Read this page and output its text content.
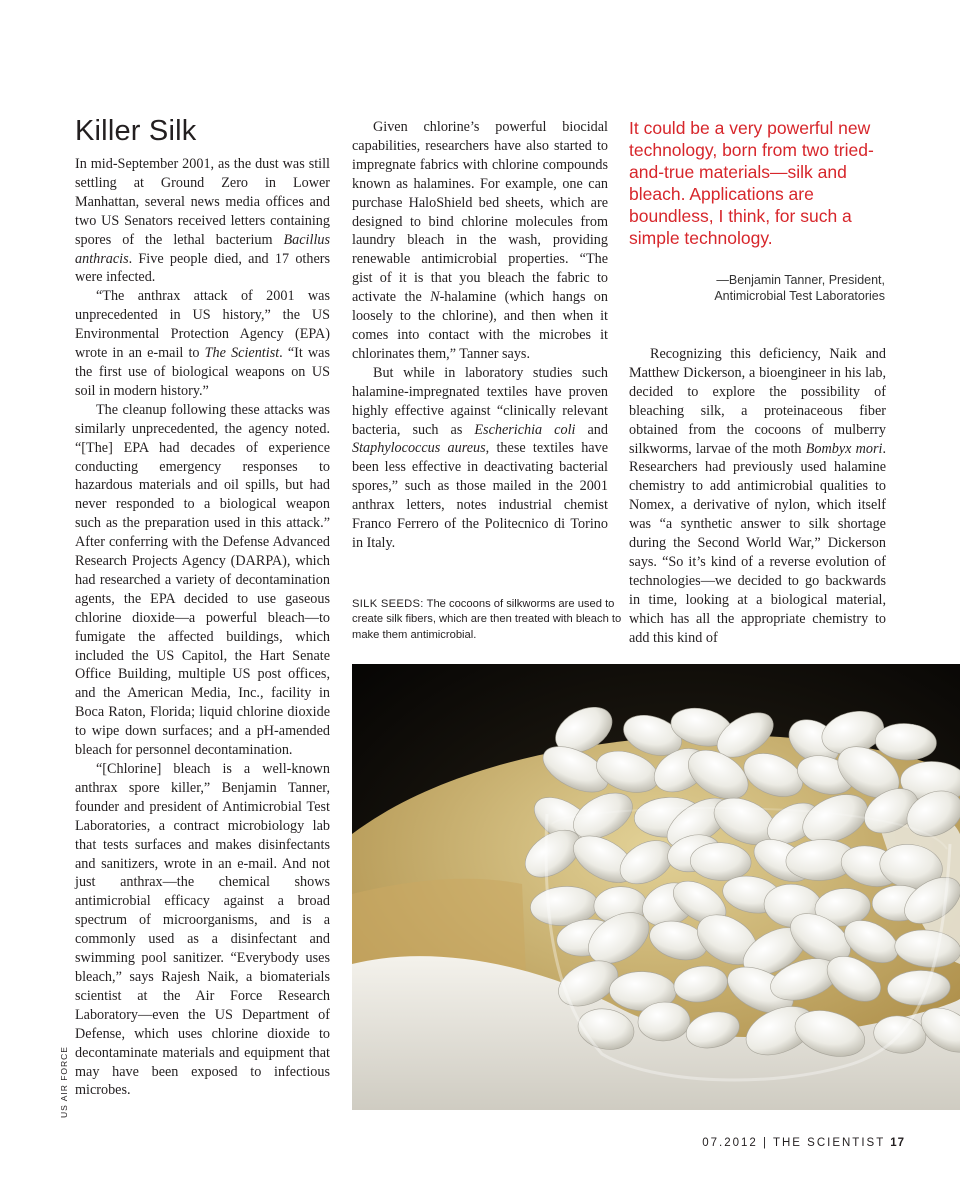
Killer Silk

In mid-September 2001, as the dust was still settling at Ground Zero in Lower Manhattan, several news media offices and two US Senators received letters containing spores of the lethal bacterium Bacillus anthracis. Five people died, and 17 others were infected.

“The anthrax attack of 2001 was unprecedented in US history,” the US Environmental Protection Agency (EPA) wrote in an e-mail to The Scientist. “It was the first use of biological weapons on US soil in modern history.”

The cleanup following these attacks was similarly unprecedented, the agency noted. “[The] EPA had decades of experience conducting emergency responses to hazardous materials and oil spills, but had never responded to a biological weapon such as the preparation used in this attack.” After conferring with the Defense Advanced Research Projects Agency (DARPA), which had researched a variety of decontamination agents, the EPA decided to use gaseous chlorine dioxide—a powerful bleach—to fumigate the affected buildings, which included the US Capitol, the Hart Senate Office Building, multiple US post offices, and the American Media, Inc., facility in Boca Raton, Florida; liquid chlorine dioxide to wipe down surfaces; and a pH-amended bleach for personnel decontamination.

“[Chlorine] bleach is a well-known anthrax spore killer,” Benjamin Tanner, founder and president of Antimicrobial Test Laboratories, a contract microbiology lab that tests surfaces and makes disinfectants and sanitizers, wrote in an e-mail. And not just anthrax—the chemical shows antimicrobial efficacy against a broad spectrum of microorganisms, and is a commonly used as a disinfectant and swimming pool sanitizer. “Everybody uses bleach,” says Rajesh Naik, a biomaterials scientist at the Air Force Research Laboratory—even the US Department of Defense, which uses chlorine dioxide to decontaminate materials and equipment that may have been exposed to infectious microbes.

Given chlorine’s powerful biocidal capabilities, researchers have also started to impregnate fabrics with chlorine compounds known as halamines. For example, one can purchase HaloShield bed sheets, which are designed to bind chlorine molecules from laundry bleach in the wash, providing renewable antimicrobial properties. “The gist of it is that you bleach the fabric to activate the N-halamine (which hangs on loosely to the chlorine), and then when it comes into contact with the microbes it chlorinates them,” Tanner says.

But while in laboratory studies such halamine-impregnated textiles have proven highly effective against “clinically relevant bacteria, such as Escherichia coli and Staphylococcus aureus, these textiles have been less effective in deactivating bacterial spores,” such as those mailed in the 2001 anthrax letters, notes industrial chemist Franco Ferrero of the Politecnico di Torino in Italy.

It could be a very powerful new technology, born from two tried-and-true materials—silk and bleach. Applications are boundless, I think, for such a simple technology.

—Benjamin Tanner, President,
Antimicrobial Test Laboratories

Recognizing this deficiency, Naik and Matthew Dickerson, a bioengineer in his lab, decided to explore the possibility of bleaching silk, a proteinaceous fiber obtained from the cocoons of mulberry silkworms, larvae of the moth Bombyx mori. Researchers had previously used halamine chemistry to add antimicrobial qualities to Nomex, a derivative of nylon, which itself was “a synthetic answer to silk shortage during the Second World War,” Dickerson says. “So it’s kind of a reverse evolution of technologies—we decided to go backwards in time, looking at a biological material, which has all the appropriate chemistry to add this kind of

SILK SEEDS: The cocoons of silkworms are used to create silk fibers, which are then treated with bleach to make them antimicrobial.
US AIR FORCE
07.2012 | THE SCIENTIST 17
